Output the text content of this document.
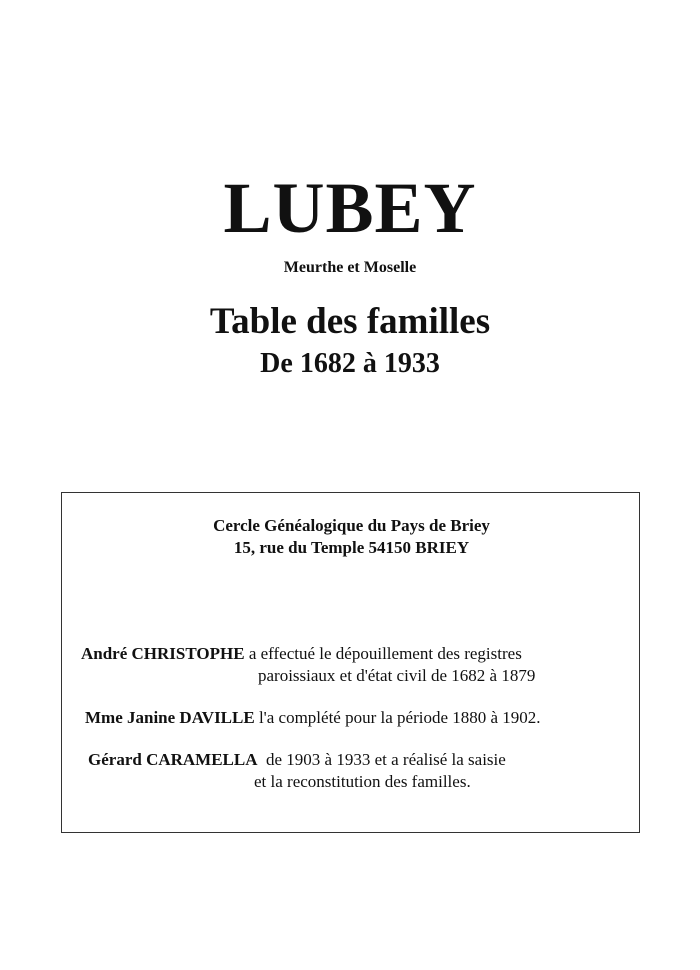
LUBEY
Meurthe et Moselle
Table des familles
De 1682 à 1933
Cercle Généalogique du Pays de Briey
15, rue du Temple 54150 BRIEY
André CHRISTOPHE a effectué le dépouillement des registres
paroissiaux et d'état civil de 1682 à 1879
Mme Janine DAVILLE l'a complété pour la période 1880 à 1902.
Gérard CARAMELLA  de 1903 à 1933 et a réalisé la saisie
et la reconstitution des familles.
